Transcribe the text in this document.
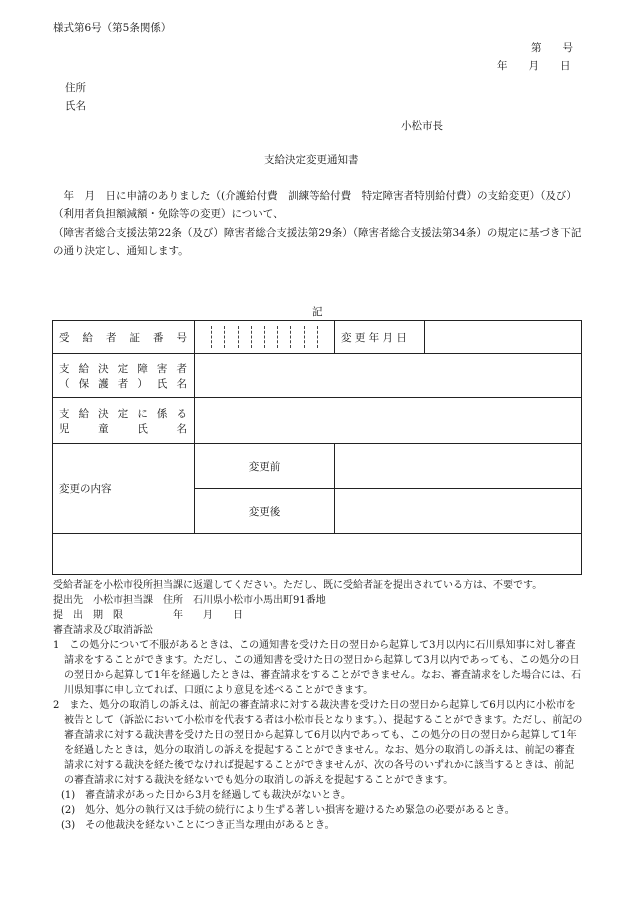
様式第6号（第5条関係）
第　　号
年　　月　　日
住所
氏名
小松市長
支給決定変更通知書
　年　月　日に申請のありました（(介護給付費　訓練等給付費　特定障害者特別給付費）の支給変更）（及び）（利用者負担額減額・免除等の変更）について、
（障害者総合支援法第22条（及び）障害者総合支援法第29条）（障害者総合支援法第34条）の規定に基づき下記の通り決定し、通知します。
記
受 給 者 証 番 号		変 更 年 月 日	

支 給 決 定 障 害 者
（ 保 護 者 ） 氏 名			

支 給 決 定 に 係 る
児 童 氏 名			

変更の内容	変更前		
	変更後		

受給者証を小松市役所担当課に返還してください。ただし、既に受給者証を提出されている方は、不要です。

提出先　小松市担当課　住所　石川県小松市小馬出町91番地

提　出　期　限　　　　　年　　月　　日

審査請求及び取消訴訟

1　この処分について不服があるときは、この通知書を受けた日の翌日から起算して3月以内に石川県知事に対し審査請求をすることができます。ただし、この通知書を受けた日の翌日から起算して3月以内であっても、この処分の日の翌日から起算して1年を経過したときは、審査請求をすることができません。なお、審査請求をした場合には、石川県知事に申し立てれば、口頭により意見を述べることができます。

2　また、処分の取消しの訴えは、前記の審査請求に対する裁決書を受けた日の翌日から起算して6月以内に小松市を被告として（訴訟において小松市を代表する者は小松市長となります。）、提起することができます。ただし、前記の審査請求に対する裁決書を受けた日の翌日から起算して6月以内であっても、この処分の日の翌日から起算して1年を経過したときは，処分の取消しの訴えを提起することができません。なお、処分の取消しの訴えは、前記の審査請求に対する裁決を経た後でなければ提起することができませんが、次の各号のいずれかに該当するときは、前記の審査請求に対する裁決を経ないでも処分の取消しの訴えを提起することができます。

(1)　審査請求があった日から3月を経過しても裁決がないとき。

(2)　処分、処分の執行又は手続の続行により生ずる著しい損害を避けるため緊急の必要があるとき。

(3)　その他裁決を経ないことにつき正当な理由があるとき。
